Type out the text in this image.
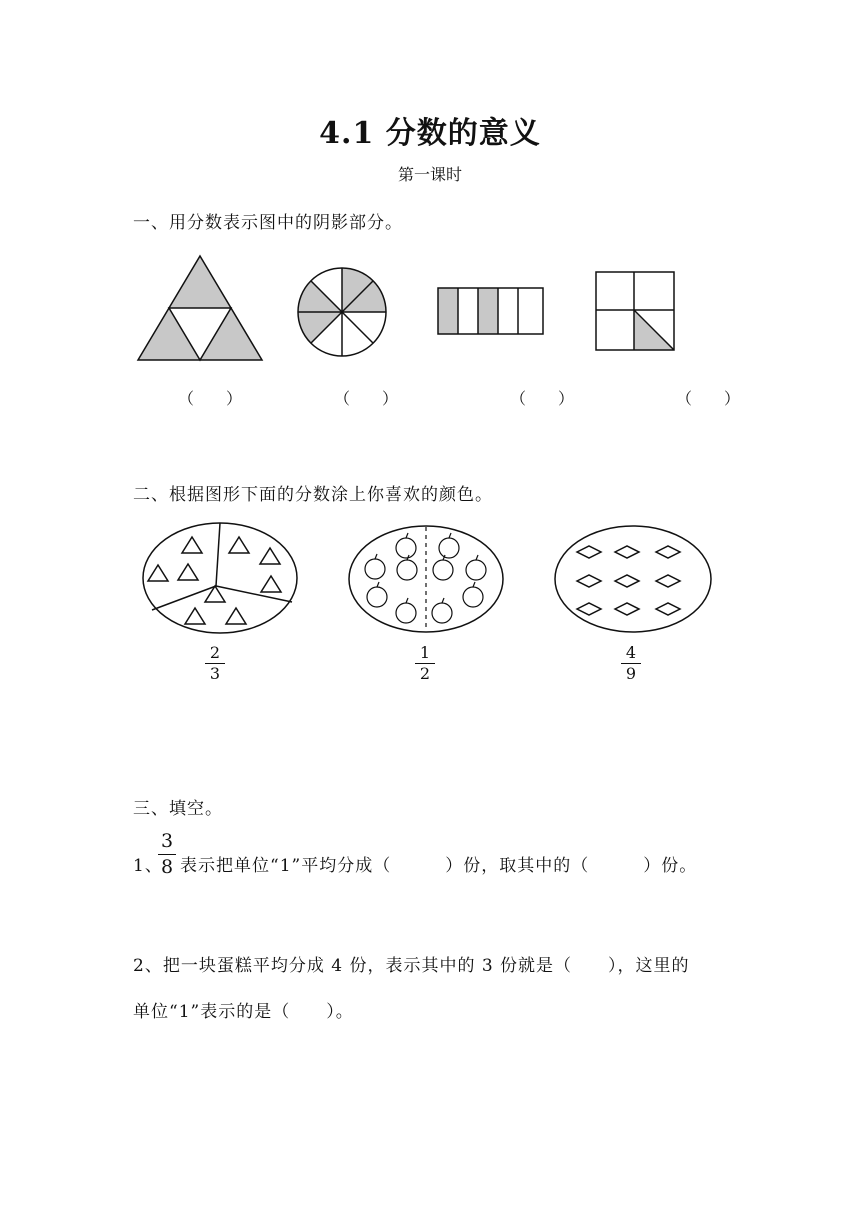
4.1 分数的意义
第一课时
一、用分数表示图中的阴影部分。
（　　）	（　　）	（　　）	（　　）
二、根据图形下面的分数涂上你喜欢的颜色。
2
3
1
2
4
9
三、填空。
1、
3
8 表示把单位“1”平均分成（　　　）份，取其中的（　　　）份。
2、把一块蛋糕平均分成 4 份，表示其中的 3 份就是（　　），这里的
单位“1”表示的是（　　）。
